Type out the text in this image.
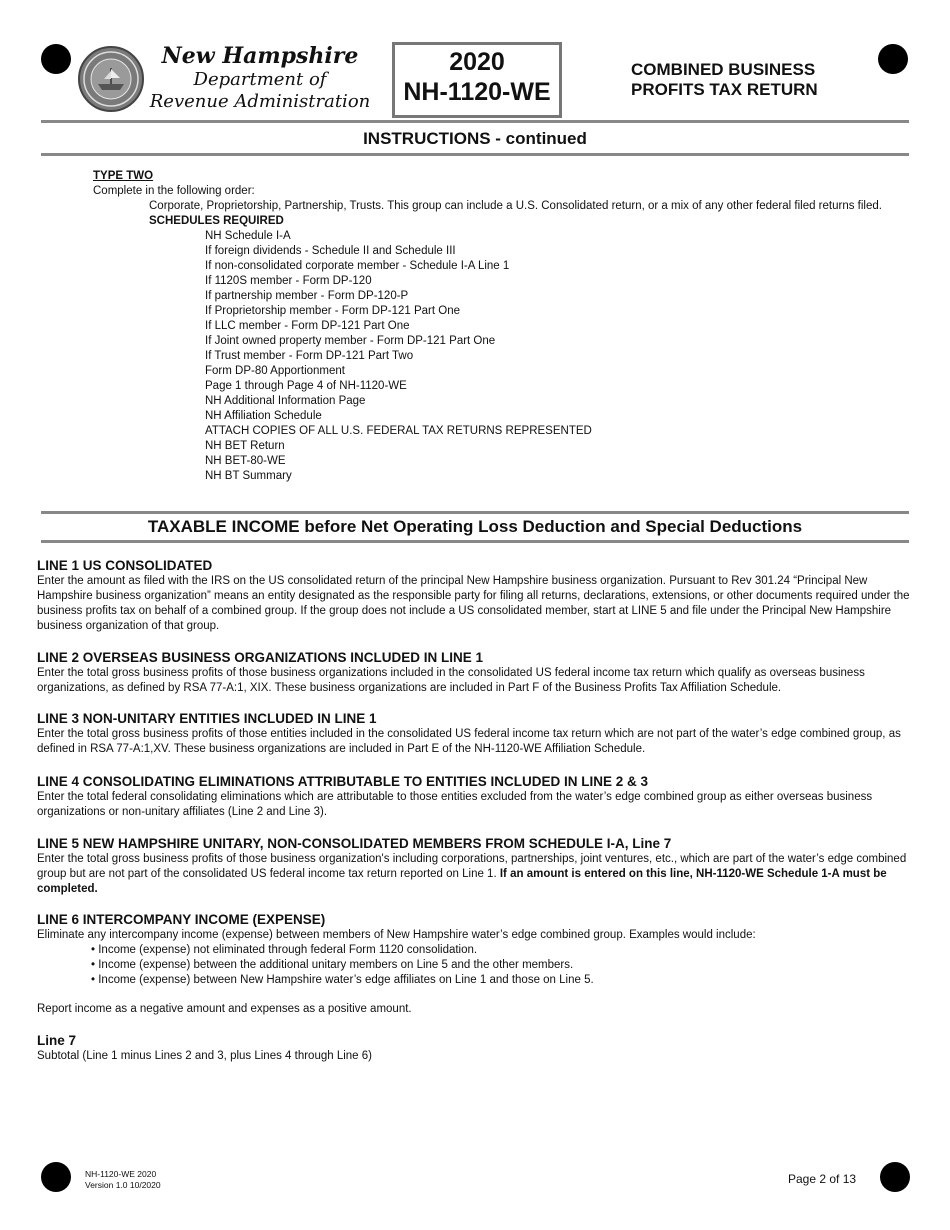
New Hampshire
Department of
Revenue Administration
2020
NH-1120-WE
COMBINED BUSINESS
PROFITS TAX RETURN
INSTRUCTIONS - continued
TYPE TWO
Complete in the following order:
Corporate, Proprietorship, Partnership, Trusts. This group can include a U.S. Consolidated return, or a mix of any other federal filed returns filed.
SCHEDULES REQUIRED
NH Schedule I-A
If foreign dividends - Schedule II and Schedule III
If non-consolidated corporate member - Schedule I-A Line 1
If 1120S member - Form DP-120
If partnership member - Form DP-120-P
If Proprietorship member - Form DP-121 Part One
If LLC member - Form DP-121 Part One
If Joint owned property member - Form DP-121 Part One
If Trust member - Form DP-121 Part Two
Form DP-80 Apportionment
Page 1 through Page 4 of NH-1120-WE
NH Additional Information Page
NH Affiliation Schedule
ATTACH COPIES OF ALL U.S. FEDERAL TAX RETURNS REPRESENTED
NH BET Return
NH BET-80-WE
NH BT Summary
TAXABLE INCOME before Net Operating Loss Deduction and Special Deductions
LINE 1 US CONSOLIDATED

Enter the amount as filed with the IRS on the US consolidated return of the principal New Hampshire business organization. Pursuant to Rev 301.24 “Principal New Hampshire business organization” means an entity designated as the responsible party for filing all returns, declarations, extensions, or other documents required under the business profits tax on behalf of a combined group. If the group does not include a US consolidated member, start at LINE 5 and file under the Principal New Hampshire business organization of that group.

LINE 2 OVERSEAS BUSINESS ORGANIZATIONS INCLUDED IN LINE 1

Enter the total gross business profits of those business organizations included in the consolidated US federal income tax return which qualify as overseas business organizations, as defined by RSA 77-A:1, XIX. These business organizations are included in Part F of the Business Profits Tax Affiliation Schedule.

LINE 3 NON-UNITARY ENTITIES INCLUDED IN LINE 1

Enter the total gross business profits of those entities included in the consolidated US federal income tax return which are not part of the water’s edge combined group, as defined in RSA 77-A:1,XV. These business organizations are included in Part E of the NH-1120-WE Affiliation Schedule.

LINE 4 CONSOLIDATING ELIMINATIONS ATTRIBUTABLE TO ENTITIES INCLUDED IN LINE 2 & 3

Enter the total federal consolidating eliminations which are attributable to those entities excluded from the water’s edge combined group as either overseas business organizations or non-unitary affiliates (Line 2 and Line 3).

LINE 5 NEW HAMPSHIRE UNITARY, NON-CONSOLIDATED MEMBERS FROM SCHEDULE I-A, Line 7

Enter the total gross business profits of those business organization's including corporations, partnerships, joint ventures, etc., which are part of the water’s edge combined group but are not part of the consolidated US federal income tax return reported on Line 1. If an amount is entered on this line, NH-1120-WE Schedule 1-A must be completed.

LINE 6 INTERCOMPANY INCOME (EXPENSE)

Eliminate any intercompany income (expense) between members of New Hampshire water’s edge combined group. Examples would include:

• Income (expense) not eliminated through federal Form 1120 consolidation.
• Income (expense) between the additional unitary members on Line 5 and the other members.
• Income (expense) between New Hampshire water’s edge affiliates on Line 1 and those on Line 5.

Report income as a negative amount and expenses as a positive amount.

Line 7

Subtotal (Line 1 minus Lines 2 and 3, plus Lines 4 through Line 6)

NH-1120-WE 2020
Version 1.0 10/2020	Page 2 of 13
